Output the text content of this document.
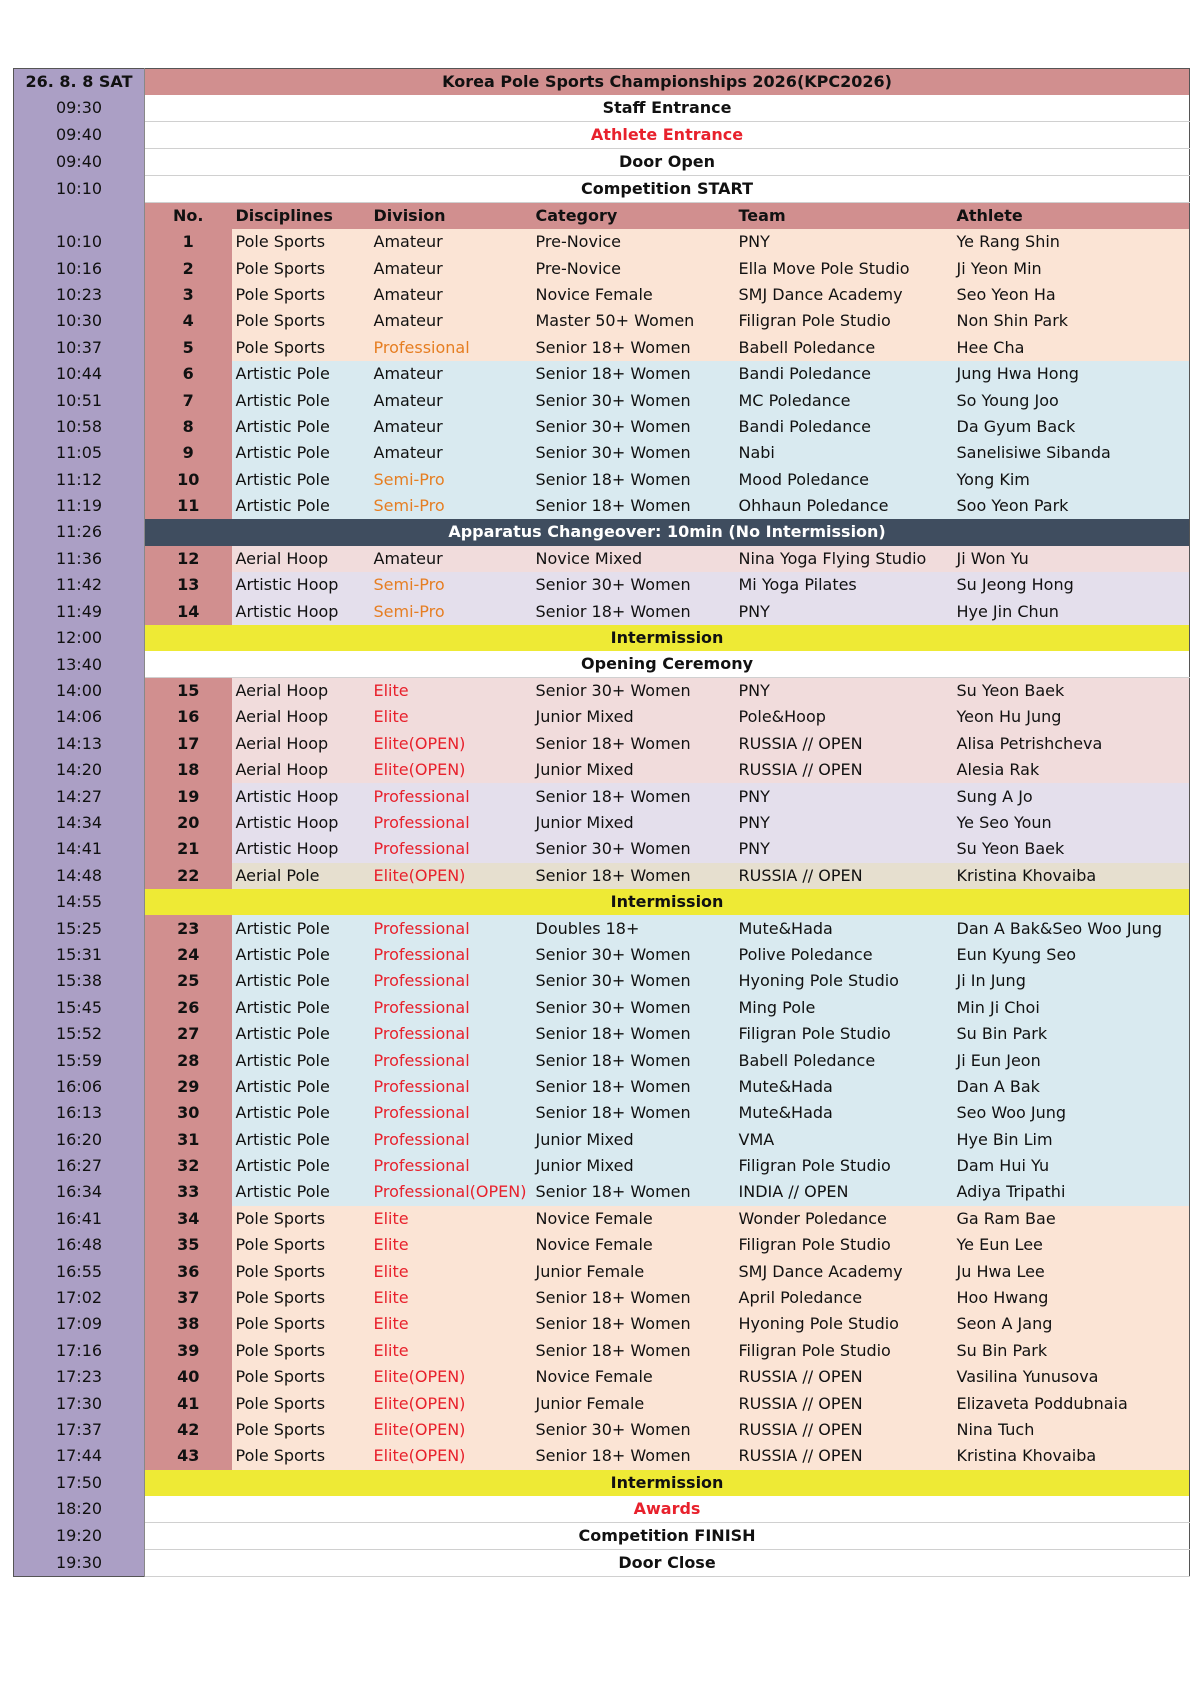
26. 8. 8 SAT	Korea Pole Sports Championships 2026(KPC2026)					
09:30	Staff Entrance					
09:40	Athlete Entrance					
09:40	Door Open					
10:10	Competition START					
	No.	Disciplines	Division	Category	Team	Athlete
10:10	1	Pole Sports	Amateur	Pre-Novice	PNY	Ye Rang Shin
10:16	2	Pole Sports	Amateur	Pre-Novice	Ella Move Pole Studio	Ji Yeon Min
10:23	3	Pole Sports	Amateur	Novice Female	SMJ Dance Academy	Seo Yeon Ha
10:30	4	Pole Sports	Amateur	Master 50+ Women	Filigran Pole Studio	Non Shin Park
10:37	5	Pole Sports	Professional	Senior 18+ Women	Babell Poledance	Hee Cha
10:44	6	Artistic Pole	Amateur	Senior 18+ Women	Bandi Poledance	Jung Hwa Hong
10:51	7	Artistic Pole	Amateur	Senior 30+ Women	MC Poledance	So Young Joo
10:58	8	Artistic Pole	Amateur	Senior 30+ Women	Bandi Poledance	Da Gyum Back
11:05	9	Artistic Pole	Amateur	Senior 30+ Women	Nabi	Sanelisiwe Sibanda
11:12	10	Artistic Pole	Semi-Pro	Senior 18+ Women	Mood Poledance	Yong Kim
11:19	11	Artistic Pole	Semi-Pro	Senior 18+ Women	Ohhaun Poledance	Soo Yeon Park
11:26	Apparatus Changeover: 10min (No Intermission)					
11:36	12	Aerial Hoop	Amateur	Novice Mixed	Nina Yoga Flying Studio	Ji Won Yu
11:42	13	Artistic Hoop	Semi-Pro	Senior 30+ Women	Mi Yoga Pilates	Su Jeong Hong
11:49	14	Artistic Hoop	Semi-Pro	Senior 18+ Women	PNY	Hye Jin Chun
12:00	Intermission					
13:40	Opening Ceremony					
14:00	15	Aerial Hoop	Elite	Senior 30+ Women	PNY	Su Yeon Baek
14:06	16	Aerial Hoop	Elite	Junior Mixed	Pole&Hoop	Yeon Hu Jung
14:13	17	Aerial Hoop	Elite(OPEN)	Senior 18+ Women	RUSSIA // OPEN	Alisa Petrishcheva
14:20	18	Aerial Hoop	Elite(OPEN)	Junior Mixed	RUSSIA // OPEN	Alesia Rak
14:27	19	Artistic Hoop	Professional	Senior 18+ Women	PNY	Sung A Jo
14:34	20	Artistic Hoop	Professional	Junior Mixed	PNY	Ye Seo Youn
14:41	21	Artistic Hoop	Professional	Senior 30+ Women	PNY	Su Yeon Baek
14:48	22	Aerial Pole	Elite(OPEN)	Senior 18+ Women	RUSSIA // OPEN	Kristina Khovaiba
14:55	Intermission					
15:25	23	Artistic Pole	Professional	Doubles 18+	Mute&Hada	Dan A Bak&Seo Woo Jung
15:31	24	Artistic Pole	Professional	Senior 30+ Women	Polive Poledance	Eun Kyung Seo
15:38	25	Artistic Pole	Professional	Senior 30+ Women	Hyoning Pole Studio	Ji In Jung
15:45	26	Artistic Pole	Professional	Senior 30+ Women	Ming Pole	Min Ji Choi
15:52	27	Artistic Pole	Professional	Senior 18+ Women	Filigran Pole Studio	Su Bin Park
15:59	28	Artistic Pole	Professional	Senior 18+ Women	Babell Poledance	Ji Eun Jeon
16:06	29	Artistic Pole	Professional	Senior 18+ Women	Mute&Hada	Dan A Bak
16:13	30	Artistic Pole	Professional	Senior 18+ Women	Mute&Hada	Seo Woo Jung
16:20	31	Artistic Pole	Professional	Junior Mixed	VMA	Hye Bin Lim
16:27	32	Artistic Pole	Professional	Junior Mixed	Filigran Pole Studio	Dam Hui Yu
16:34	33	Artistic Pole	Professional(OPEN)	Senior 18+ Women	INDIA // OPEN	Adiya Tripathi
16:41	34	Pole Sports	Elite	Novice Female	Wonder Poledance	Ga Ram Bae
16:48	35	Pole Sports	Elite	Novice Female	Filigran Pole Studio	Ye Eun Lee
16:55	36	Pole Sports	Elite	Junior Female	SMJ Dance Academy	Ju Hwa Lee
17:02	37	Pole Sports	Elite	Senior 18+ Women	April Poledance	Hoo Hwang
17:09	38	Pole Sports	Elite	Senior 18+ Women	Hyoning Pole Studio	Seon A Jang
17:16	39	Pole Sports	Elite	Senior 18+ Women	Filigran Pole Studio	Su Bin Park
17:23	40	Pole Sports	Elite(OPEN)	Novice Female	RUSSIA // OPEN	Vasilina Yunusova
17:30	41	Pole Sports	Elite(OPEN)	Junior Female	RUSSIA // OPEN	Elizaveta Poddubnaia
17:37	42	Pole Sports	Elite(OPEN)	Senior 30+ Women	RUSSIA // OPEN	Nina Tuch
17:44	43	Pole Sports	Elite(OPEN)	Senior 18+ Women	RUSSIA // OPEN	Kristina Khovaiba
17:50	Intermission					
18:20	Awards					
19:20	Competition FINISH					
19:30	Door Close					
